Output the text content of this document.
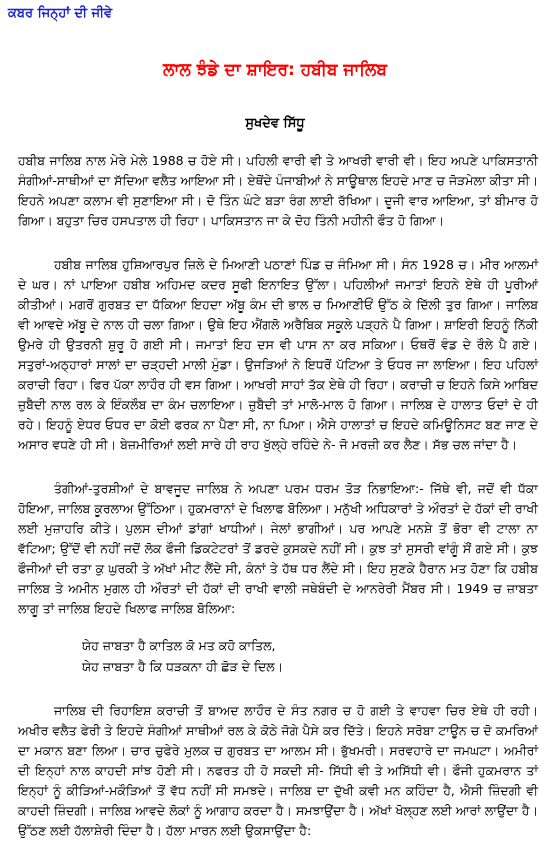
ਕਬਰ ਜਿਨ੍ਹਾਂ ਦੀ ਜੀਵੇ
ਲਾਲ ਝੰਡੇ ਦਾ ਸ਼ਾਇਰ: ਹਬੀਬ ਜਾਲਿਬ
ਸੁਖਦੇਵ ਸਿੱਧੂ

ਹਬੀਬ ਜਾਲਿਬ ਨਾਲ ਮੇਰੇ ਮੇਲੇ 1988 ਚ ਹੋਏ ਸੀ। ਪਹਿਲੀ ਵਾਰੀ ਵੀ ਤੇ ਆਖਰੀ ਵਾਰੀ ਵੀ। ਇਹ ਅਪਣੇ ਪਾਕਿਸਤਾਨੀ ਸੰਗੀਆਂ-ਸਾਥੀਆਂ ਦਾ ਸੱਦਿਆ ਵਲੈਤ ਆਇਆ ਸੀ। ਏਥੋਂਦੇ ਪੰਜਾਬੀਆਂ ਨੇ ਸਾਊਥਾਲ ਇਹਦੇ ਮਾਣ ਚ ਜੋੜਮੇਲਾ ਕੀਤਾ ਸੀ। ਇਹਨੇ ਅਪਣਾ ਕਲਾਮ ਵੀ ਸੁਣਾਇਆ ਸੀ। ਦੋ ਤਿੰਨ ਘੰਟੇ ਬੜਾ ਰੰਗ ਲਾਈ ਰੱਖਿਆ। ਦੂਜੀ ਵਾਰ ਆਇਆ, ਤਾਂ ਬੀਮਾਰ ਹੋ ਗਿਆ। ਬਹੁਤਾ ਚਿਰ ਹਸਪਤਾਲ ਹੀ ਰਿਹਾ। ਪਾਕਿਸਤਾਨ ਜਾ ਕੇ ਦੋਹ ਤਿੰਨੀ ਮਹੀਨੀ ਫੌਤ ਹੋ ਗਿਆ।

ਹਬੀਬ ਜਾਲਿਬ ਹੁਸ਼ਿਆਰਪੁਰ ਜ਼ਿਲੇ ਦੇ ਮਿਆਣੀ ਪਠਾਣਾਂ ਪਿੰਡ ਚ ਜੰਮਿਆ ਸੀ। ਸੰਨ 1928 ਚ। ਮੀਰ ਆਲਮਾਂ ਦੇ ਘਰ। ਨਾਂ ਪਾਇਆ ਹਬੀਬ ਅਹਿਮਦ ਕਦਰ ਸੂਫੀ ਇਨਾਇਤ ਉੱਲਾ। ਪਹਿਲੀਆਂ ਜਮਾਤਾਂ ਇਹਨੇ ਏਥੇ ਹੀ ਪੂਰੀਆਂ ਕੀਤੀਆਂ। ਮਗਰੋਂ ਗੁਰਬਤ ਦਾ ਧੱਕਿਆ ਇਹਦਾ ਅੱਬੂ ਕੰਮ ਦੀ ਭਾਲ ਚ ਮਿਆਣੀਓਂ ਉੱਠ ਕੇ ਦਿੱਲੀ ਤੁਰ ਗਿਆ। ਜਾਲਿਬ ਵੀ ਆਵਦੇ ਅੱਬੂ ਦੇ ਨਾਲ ਹੀ ਚਲਾ ਗਿਆ। ਉਥੇ ਇਹ ਐਂਗਲੋ ਅਰੈਬਿਕ ਸਕੂਲੇ ਪੜ੍ਹਨੇ ਪੈ ਗਿਆ। ਸ਼ਾਇਰੀ ਇਹਨੂੰ ਨਿੱਕੀ ਉਮਰੇ ਹੀ ਉਤਰਨੀ ਸ਼ੁਰੂ ਹੋ ਗਈ ਸੀ। ਜਮਾਤਾਂ ਇਹ ਦਸ ਵੀ ਪਾਸ ਨਾ ਕਰ ਸਕਿਆ। ਓਥਰੋਂ ਵੰਡ ਦੇ ਰੌਲੇ ਪੈ ਗਏ। ਸਤੁਰਾਂ-ਅਠ੍ਹਾਰਾਂ ਸਾਲਾਂ ਦਾ ਚੜ੍ਹਦੀ ਮਾਲੀ ਮੁੰਡਾ। ਉਜੜਿਆਂ ਨੇ ਇਧਰੋਂ ਪੱਟਿਆ ਤੇ ਓਧਰ ਜਾ ਲਾਇਆ। ਇਹ ਪਹਿਲਾਂ ਕਰਾਚੀ ਰਿਹਾ। ਫਿਰ ਪੱਕਾ ਲਾਹੌਰ ਹੀ ਵਸ ਗਿਆ। ਆਖਰੀ ਸਾਹਾਂ ਤੱਕ ਏਥੇ ਹੀ ਰਿਹਾ। ਕਰਾਚੀ ਚ ਇਹਨੇ ਕਿਸੇ ਆਬਿਦ ਜ਼ੁਬੈਦੀ ਨਾਲ ਰਲ ਕੇ ਇੰਕਲੌਬ ਦਾ ਕੰਮ ਚਲਾਇਆ। ਜ਼ੁਬੈਦੀ ਤਾਂ ਮਾਲੋ-ਮਾਲ ਹੋ ਗਿਆ। ਜਾਲਿਬ ਦੇ ਹਾਲਾਤ ਓਦਾਂ ਦੇ ਹੀ ਰਹੇ। ਇਹਨੂੰ ਏਧਰ ਓਧਰ ਦਾ ਕੋਈ ਫਰਕ ਨਾ ਪੈਣਾ ਸੀ, ਨਾ ਪਿਆ। ਐਸੇ ਹਾਲਾਤਾਂ ਚ ਇਹਦੇ ਕਮਿਊਨਿਸਟ ਬਣ ਜਾਣ ਦੇ ਅਸਾਰ ਵਧਣੇ ਹੀ ਸੀ। ਬੇਜ਼ਮੀਰਿਆਂ ਲਈ ਸਾਰੇ ਹੀ ਰਾਹ ਖੁੱਲ੍ਹੇ ਰਹਿੰਦੇ ਨੇ- ਜੋ ਮਰਜ਼ੀ ਕਰ ਲੈਣ। ਸੱਭ ਚਲ ਜਾਂਦਾ ਹੈ।

ਤੰਗੀਆਂ-ਤੁਰਸ਼ੀਆਂ ਦੇ ਬਾਵਜੂਦ ਜਾਲਿਬ ਨੇ ਅਪਣਾ ਪਰਮ ਧਰਮ ਤੋੜ ਨਿਭਾਇਆ:- ਜਿੱਥੇ ਵੀ, ਜਦੋਂ ਵੀ ਧੱਕਾ ਹੋਇਆ, ਜਾਲਿਬ ਕੂਰਲਾਅ ਉੱਠਿਆ। ਹੁਕਮਰਾਨਾਂ ਦੇ ਖਿਲਾਫ ਬੋਲਿਆ। ਮਨੁੱਖੀ ਅਧਿਕਾਰਾਂ ਤੇ ਔਰਤਾਂ ਦੇ ਹੱਕਾਂ ਦੀ ਰਾਖੀ ਲਈ ਮੁਜ਼ਾਹਰਿ ਕੀਤੇ। ਪੁਲਸ ਦੀਆਂ ਡਾਂਗਾਂ ਖਾਧੀਆਂ। ਜੇਲਾਂ ਭਾਗੀਆਂ। ਪਰ ਆਪਣੇ ਮਨਸ਼ੇ ਤੋਂ ਭੋਰਾ ਵੀ ਟਾਲਾ ਨਾ ਵੱਟਿਆ; ਉੱਦੋਂ ਵੀ ਨਹੀਂ ਜਦੋਂ ਲੋਕ ਫੌਜੀ ਡਿਕਟੇਟਰਾਂ ਤੋਂ ਡਰਦੇ ਕੁਸਕਦੇ ਨਹੀਂ ਸੀ। ਕੁਝ ਤਾਂ ਸੁਸਰੀ ਵਾਂਗੂੰ ਸੌਂ ਗਏ ਸੀ। ਕੁਝ ਫੌਜੀਆਂ ਦੀ ਰਤਾ ਕੁ ਘੁਰਕੀ ਤੇ ਅੱਖਾਂ ਮੀਟ ਲੈਂਦੇ ਸੀ, ਕੰਨਾਂ ਤੇ ਹੱਥ ਧਰ ਲੈਂਦੇ ਸੀ। ਇਹ ਸੁਣਕੇ ਹੈਰਾਨ ਮਤ ਹੋਣਾ ਕਿ ਹਬੀਬ ਜਾਲਿਬ ਤੇ ਅਮੀਨ ਮੁਗਲ ਹੀ ਔਰਤਾਂ ਦੀ ਹੱਕਾਂ ਦੀ ਰਾਖੀ ਵਾਲੀ ਜਥੇਬੰਦੀ ਦੇ ਆਨਰੇਰੀ ਮੈਂਬਰ ਸੀ। 1949 ਚ ਜ਼ਾਬਤਾ ਲਾਗੂ ਤਾਂ ਜਾਲਿਬ ਇਹਦੇ ਖਿਲਾਫ ਜਾਲਿਬ ਬੋਲਿਆ:

ਯੇਹ ਜ਼ਾਬਤਾ ਹੈ ਕਾਤਿਲ ਕੋ ਮਤ ਕਹੋ ਕਾਤਿਲ,
ਯੇਹ ਜ਼ਾਬਤਾ ਹੈ ਕਿ ਧੜਕਨਾ ਹੀ ਛੋੜ ਦੇ ਦਿਲ।

ਜਾਲਿਬ ਦੀ ਰਿਹਾਇਸ਼ ਕਰਾਚੀ ਤੋਂ ਬਾਅਦ ਲਾਹੌਰ ਦੇ ਸੰਤ ਨਗਰ ਚ ਹੋ ਗਈ ਤੇ ਵਾਹਵਾ ਚਿਰ ਏਥੇ ਹੀ ਰਹੀ। ਅਖੀਰ ਵਲੈਤ ਫੇਰੀ ਤੇ ਇਹਦੇ ਸੰਗੀਆਂ ਸਾਥੀਆਂ ਰਲ ਕੇ ਕੋਠੇ ਜੋਗੇ ਪੈਸੇ ਕਰ ਦਿੱਤੇ। ਇਹਨੇ ਸਰੋਬਾ ਟਾਊਨ ਚ ਦੋ ਕਮਰਿਆਂ ਦਾ ਮਕਾਨ ਬਣਾ ਲਿਆ। ਚਾਰ ਚੁਫੇਰੇ ਮੁਲਕ ਚ ਗੁਰਬਤ ਦਾ ਆਲਮ ਸੀ। ਭੁੱਖਮਰੀ। ਸਰਵਹਾਰੇ ਦਾ ਜਮਘਟਾ। ਅਮੀਰਾਂ ਦੀ ਇਨ੍ਹਾਂ ਨਾਲ ਕਾਹਦੀ ਸਾਂਝ ਹੋਣੀ ਸੀ। ਨਫਰਤ ਹੀ ਹੋ ਸਕਦੀ ਸੀ- ਸਿੱਧੀ ਵੀ ਤੇ ਅਸਿੱਧੀ ਵੀ। ਫੌਜੀ ਹੁਕਮਰਾਨ ਤਾਂ ਇਨ੍ਹਾਂ ਨੂੰ ਕੀੜਿਆਂ-ਮਕੌੜਿਆਂ ਤੋਂ ਵੱਧ ਨਹੀਂ ਸੀ ਸਮਝਦੇ। ਜਾਲਿਬ ਦਾ ਦੁੱਖੀ ਕਵੀ ਮਨ ਕਹਿੰਦਾ ਹੈ, ਐਸੀ ਜ਼ਿੰਦਗੀ ਵੀ ਕਾਹਦੀ ਜ਼ਿੰਦਗੀ। ਜਾਲਿਬ ਆਵਦੇ ਲੋਕਾਂ ਨੂੰ ਆਗਾਹ ਕਰਦਾ ਹੈ। ਸਮਝਾਉਂਦਾ ਹੈ। ਅੱਖਾਂ ਖੋਲ੍ਹਣ ਲਈ ਆਰਾਂ ਲਾਉਂਦਾ ਹੈ। ਉੱਠਣ ਲਈ ਹੱਲਾਸ਼ੇਰੀ ਦਿੰਦਾ ਹੈ। ਹੱਲਾ ਮਾਰਨ ਲਈ ਉਕਸਾਉਂਦਾ ਹੈ:
